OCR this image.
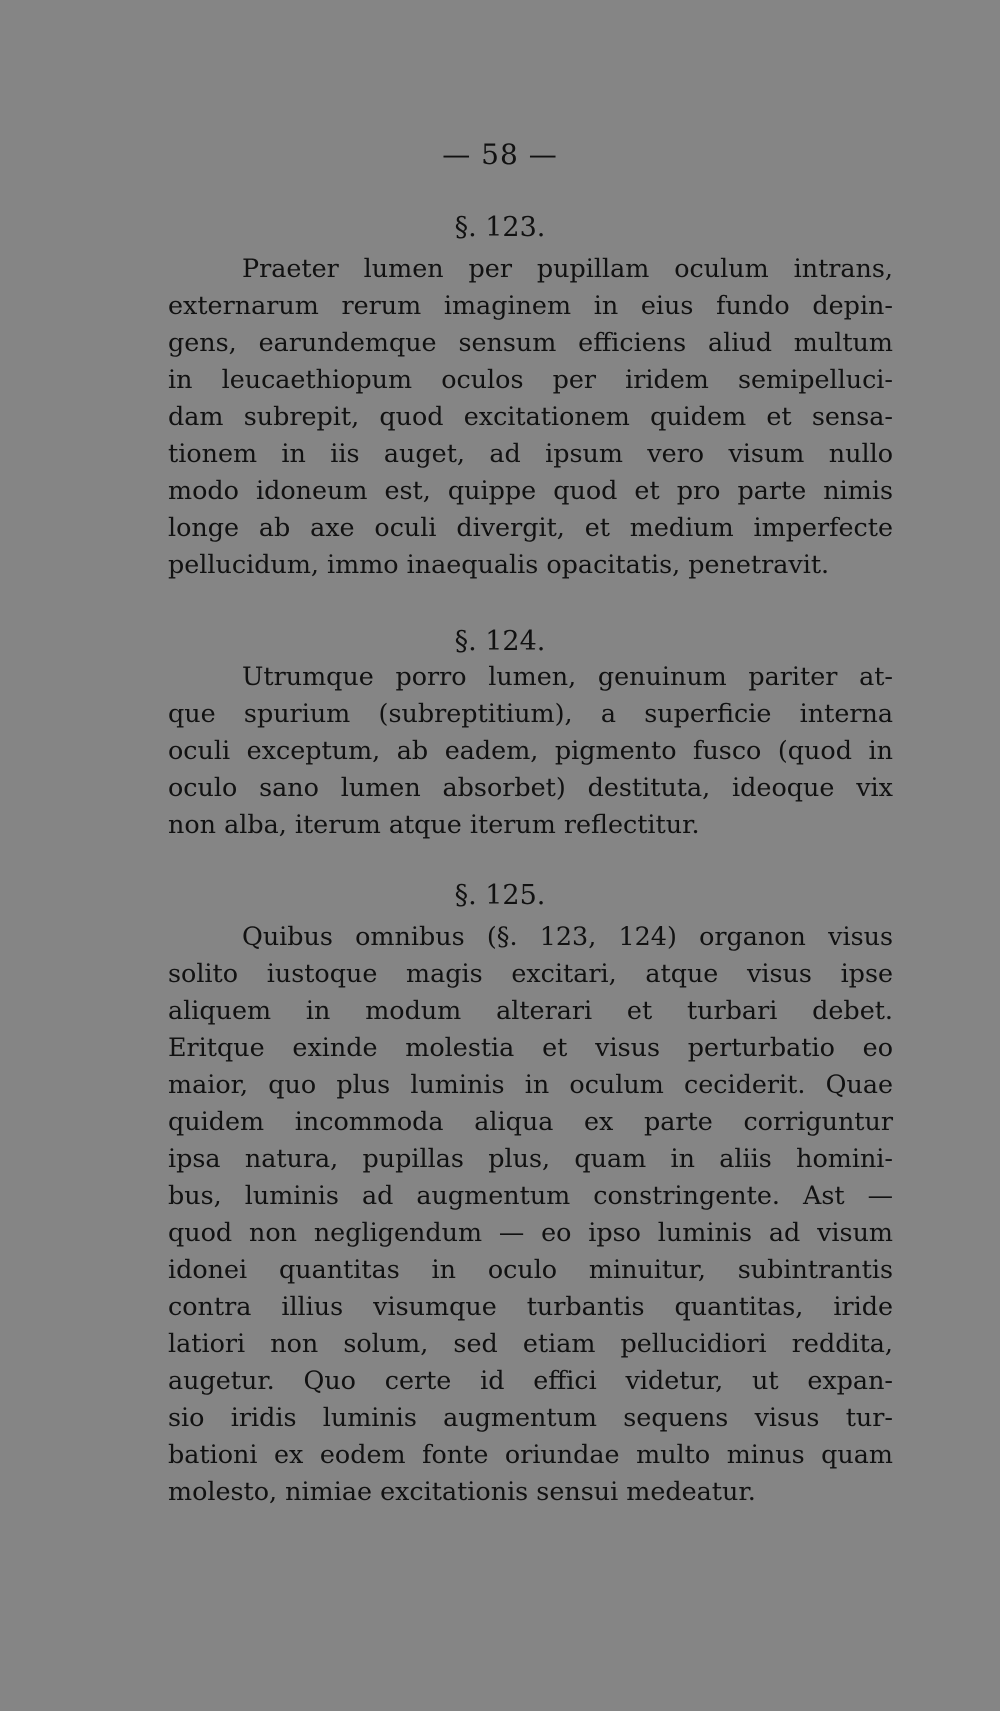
— 58 —
§. 123.
Praeter lumen per pupillam oculum intrans,
externarum rerum imaginem in eius fundo depin-
gens, earundemque sensum efficiens aliud multum
in leucaethiopum oculos per iridem semipelluci-
dam subrepit, quod excitationem quidem et sensa-
tionem in iis auget, ad ipsum vero visum nullo
modo idoneum est, quippe quod et pro parte nimis
longe ab axe oculi divergit, et medium imperfecte
pellucidum, immo inaequalis opacitatis, penetravit.
§. 124.
Utrumque porro lumen, genuinum pariter at-
que spurium (subreptitium), a superficie interna
oculi exceptum, ab eadem, pigmento fusco (quod in
oculo sano lumen absorbet) destituta, ideoque vix
non alba, iterum atque iterum reflectitur.
§. 125.
Quibus omnibus (§. 123, 124) organon visus
solito iustoque magis excitari, atque visus ipse
aliquem in modum alterari et turbari debet.
Eritque exinde molestia et visus perturbatio eo
maior, quo plus luminis in oculum ceciderit. Quae
quidem incommoda aliqua ex parte corriguntur
ipsa natura, pupillas plus, quam in aliis homini-
bus, luminis ad augmentum constringente. Ast —
quod non negligendum — eo ipso luminis ad visum
idonei quantitas in oculo minuitur, subintrantis
contra illius visumque turbantis quantitas, iride
latiori non solum, sed etiam pellucidiori reddita,
augetur. Quo certe id effici videtur, ut expan-
sio iridis luminis augmentum sequens visus tur-
bationi ex eodem fonte oriundae multo minus quam
molesto, nimiae excitationis sensui medeatur.
